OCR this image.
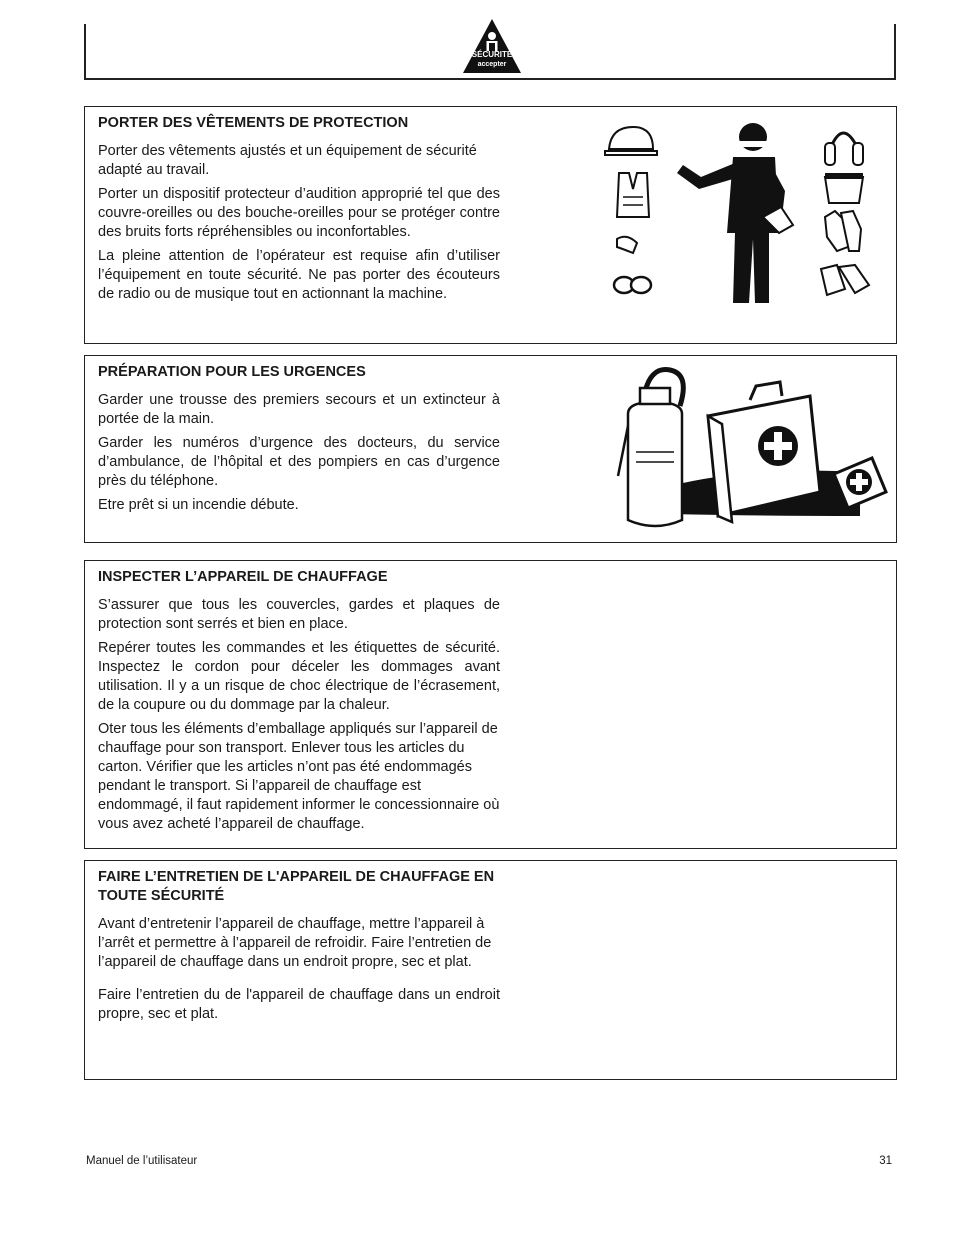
SÉCURITÉ
accepter

PORTER DES VÊTEMENTS DE PROTECTION

Porter des vêtements ajustés et un équipement de sécurité adapté au travail.

Porter un dispositif protecteur d’audition approprié tel que des couvre-oreilles ou des bouche-oreilles pour se protéger contre des bruits forts répréhensibles ou inconfortables.

La pleine attention de l’opérateur est requise afin d’utiliser l’équipement en toute sécurité. Ne pas porter des écouteurs de radio ou de musique tout en actionnant la machine.

PRÉPARATION POUR LES URGENCES

Garder une trousse des premiers secours et un extincteur à portée de la main.

Garder les numéros d’urgence des docteurs, du service d’ambulance, de l’hôpital et des pompiers en cas d’urgence près du téléphone.

Etre prêt si un incendie débute.

INSPECTER L’APPAREIL DE CHAUFFAGE

S’assurer que tous les couvercles, gardes et plaques de protection sont serrés et bien en place.

Repérer toutes les commandes et les étiquettes de sécurité. Inspectez le cordon pour déceler les dommages avant utilisation. Il y a un risque de choc électrique de l’écrasement, de la coupure ou du dommage par la chaleur.

Oter tous les éléments d’emballage appliqués sur l’appareil de chauffage pour son transport. Enlever tous les articles du carton. Vérifier que les articles n’ont pas été endommagés pendant le transport. Si l’appareil de chauffage est endommagé, il faut rapidement informer le concessionnaire où vous avez acheté l’appareil de chauffage.

FAIRE L’ENTRETIEN DE L'APPAREIL DE CHAUFFAGE EN TOUTE SÉCURITÉ

Avant d’entretenir l’appareil de chauffage, mettre l’appareil à l’arrêt et permettre à l’appareil de refroidir. Faire l’entretien de l’appareil de chauffage dans un endroit propre, sec et plat.

Faire l’entretien du de l'appareil de chauffage dans un endroit propre, sec et plat.

Manuel de l’utilisateur	31
